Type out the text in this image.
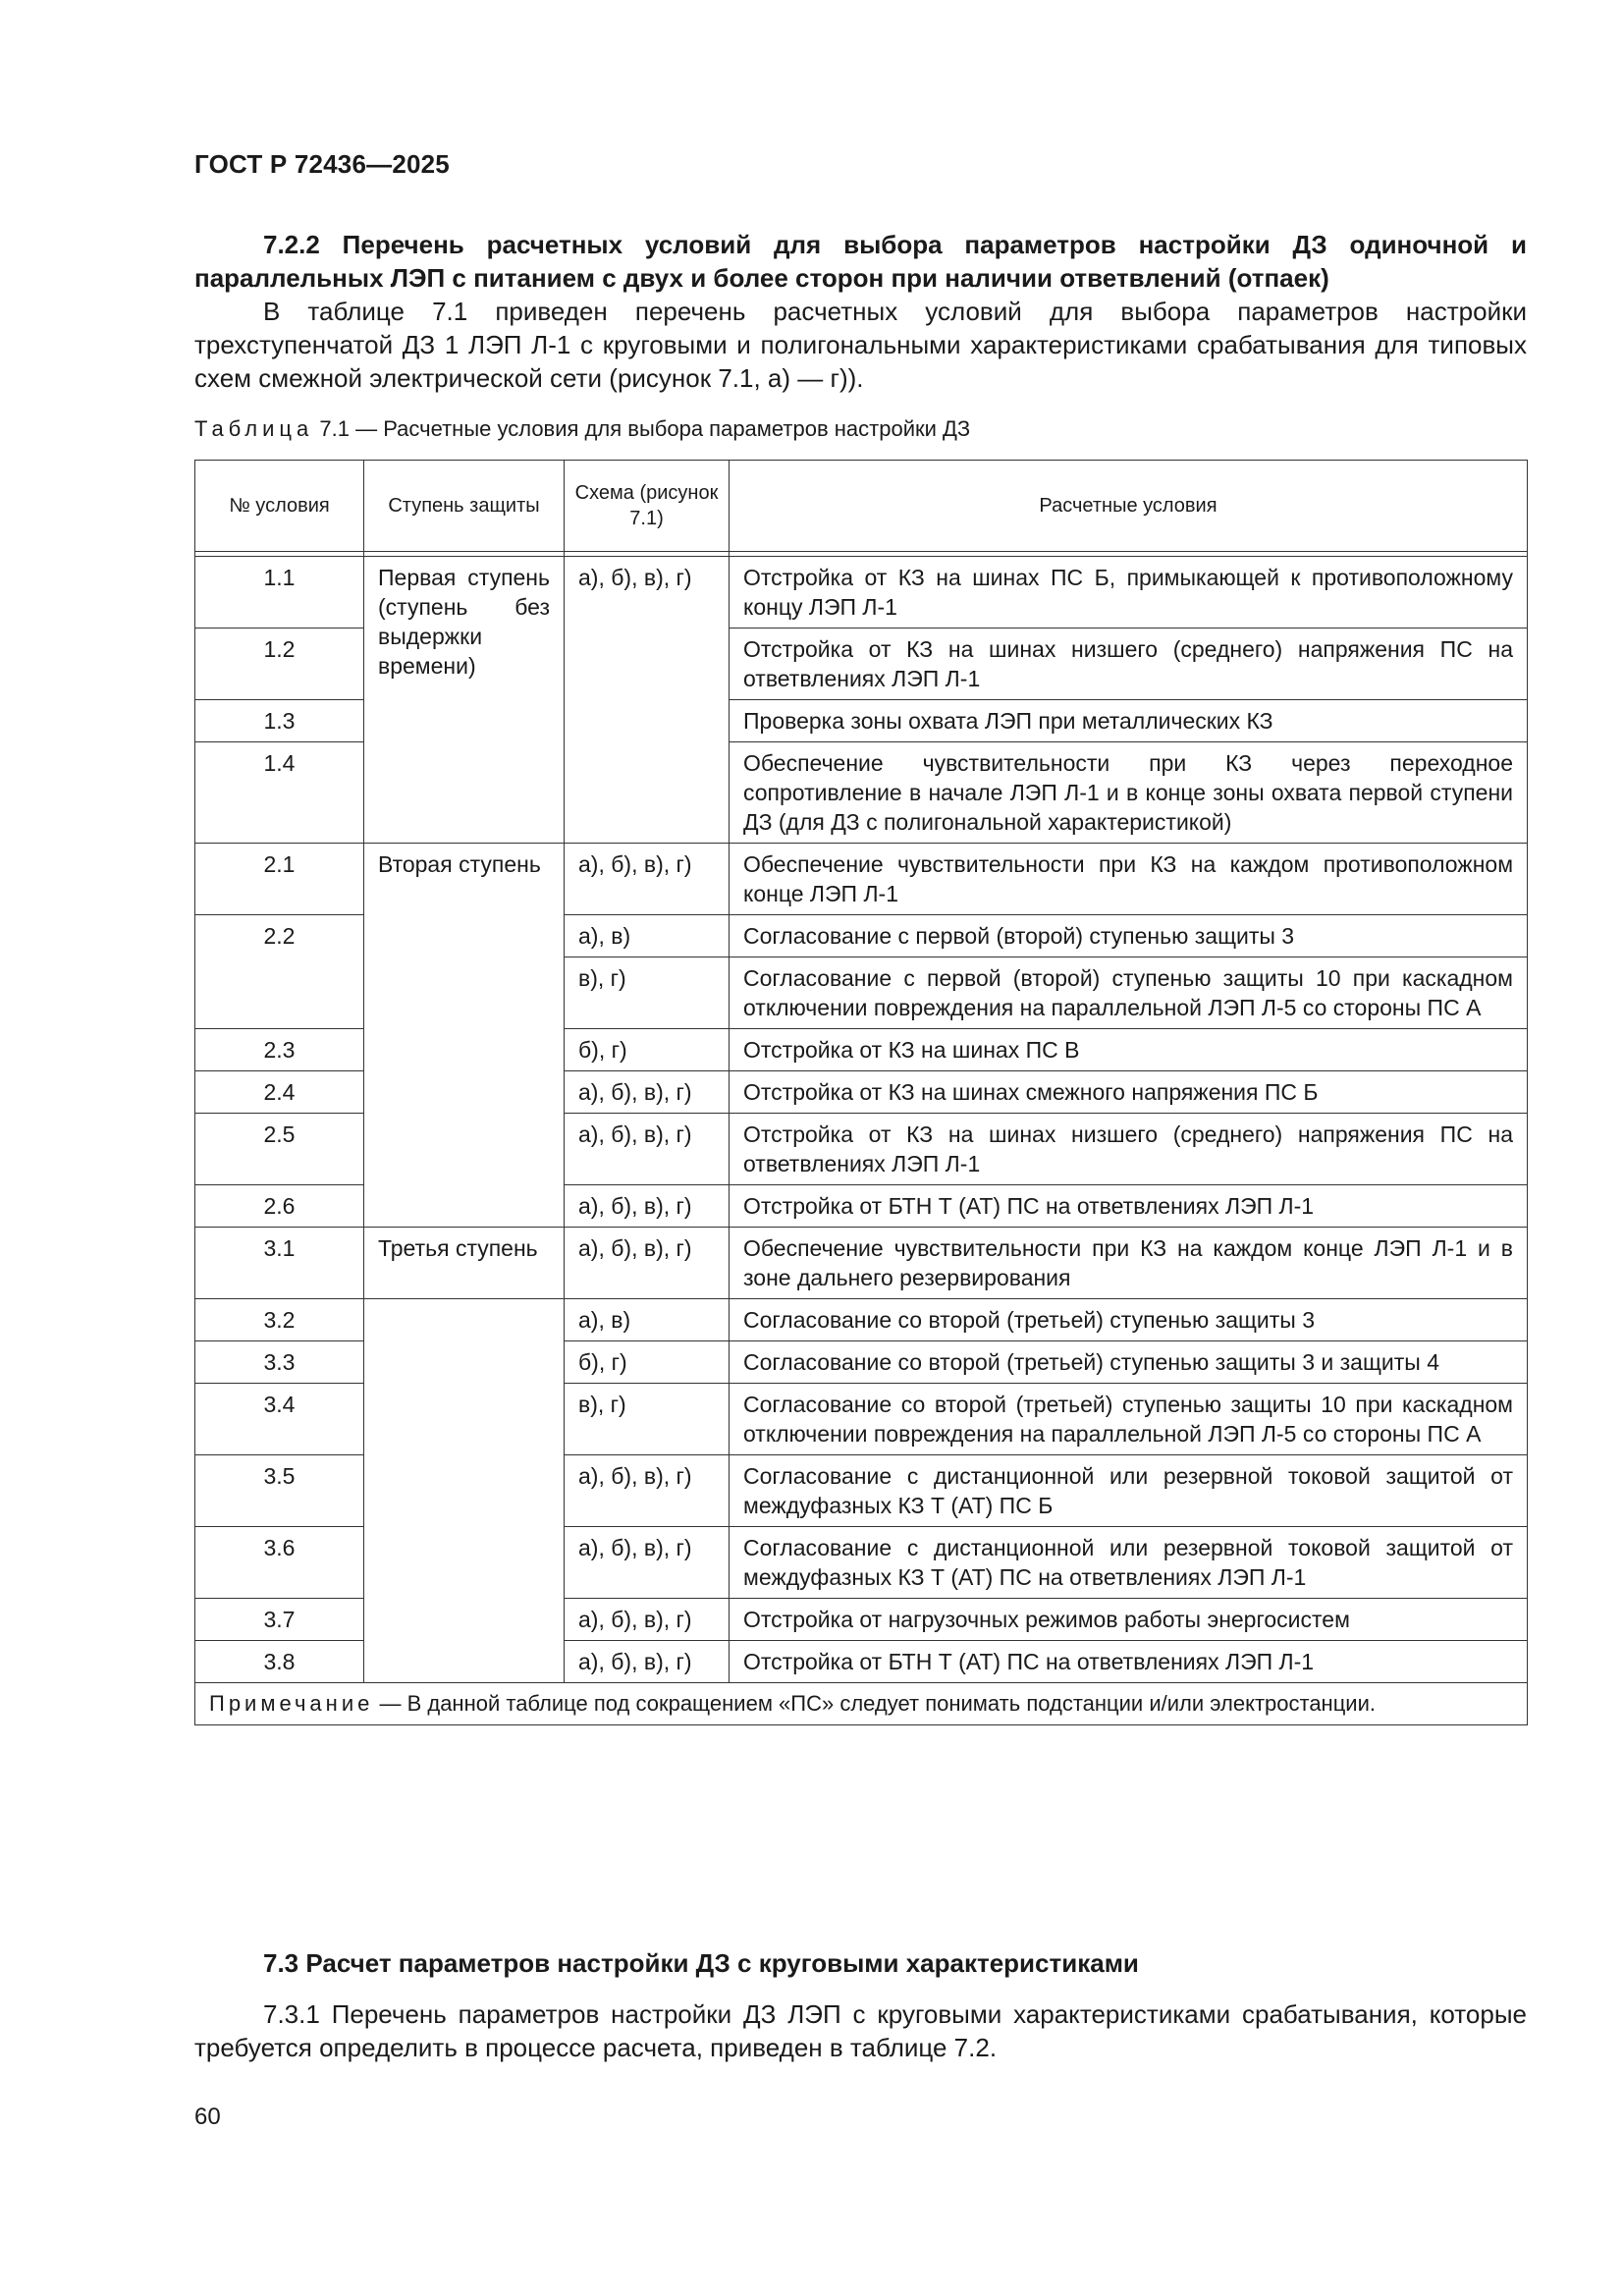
ГОСТ Р 72436—2025
7.2.2 Перечень расчетных условий для выбора параметров настройки ДЗ одиночной и параллельных ЛЭП с питанием с двух и более сторон при наличии ответвлений (отпаек)
В таблице 7.1 приведен перечень расчетных условий для выбора параметров настройки трехступенчатой ДЗ 1 ЛЭП Л-1 с круговыми и полигональными характеристиками срабатывания для типовых схем смежной электрической сети (рисунок 7.1, а) — г)).
Таблица 7.1 — Расчетные условия для выбора параметров настройки ДЗ
№ условия	Ступень защиты	Схема (рисунок 7.1)	Расчетные условия

1.1	Первая ступень (ступень без выдержки времени)	а), б), в), г)	Отстройка от КЗ на шинах ПС Б, примыкающей к противоположному концу ЛЭП Л-1
1.2			Отстройка от КЗ на шинах низшего (среднего) напряжения ПС на ответвлениях ЛЭП Л-1
1.3			Проверка зоны охвата ЛЭП при металлических КЗ
1.4			Обеспечение чувствительности при КЗ через переходное сопротивление в начале ЛЭП Л-1 и в конце зоны охвата первой ступени ДЗ (для ДЗ с полигональной характеристикой)
2.1	Вторая ступень	а), б), в), г)	Обеспечение чувствительности при КЗ на каждом противоположном конце ЛЭП Л-1
2.2		а), в)	Согласование с первой (второй) ступенью защиты 3
		в), г)	Согласование с первой (второй) ступенью защиты 10 при каскадном отключении повреждения на параллельной ЛЭП Л-5 со стороны ПС А
2.3		б), г)	Отстройка от КЗ на шинах ПС В
2.4		а), б), в), г)	Отстройка от КЗ на шинах смежного напряжения ПС Б
2.5		а), б), в), г)	Отстройка от КЗ на шинах низшего (среднего) напряжения ПС на ответвлениях ЛЭП Л-1
2.6		а), б), в), г)	Отстройка от БТН Т (АТ) ПС на ответвлениях ЛЭП Л-1
3.1	Третья ступень	а), б), в), г)	Обеспечение чувствительности при КЗ на каждом конце ЛЭП Л-1 и в зоне дальнего резервирования
3.2		а), в)	Согласование со второй (третьей) ступенью защиты 3
3.3		б), г)	Согласование со второй (третьей) ступенью защиты 3 и защиты 4
3.4		в), г)	Согласование со второй (третьей) ступенью защиты 10 при каскадном отключении повреждения на параллельной ЛЭП Л-5 со стороны ПС А
3.5		а), б), в), г)	Согласование с дистанционной или резервной токовой защитой от междуфазных КЗ Т (АТ) ПС Б
3.6		а), б), в), г)	Согласование с дистанционной или резервной токовой защитой от междуфазных КЗ Т (АТ) ПС на ответвлениях ЛЭП Л-1
3.7		а), б), в), г)	Отстройка от нагрузочных режимов работы энергосистем
3.8		а), б), в), г)	Отстройка от БТН Т (АТ) ПС на ответвлениях ЛЭП Л-1
Примечание — В данной таблице под сокращением «ПС» следует понимать подстанции и/или электростанции.			
7.3 Расчет параметров настройки ДЗ с круговыми характеристиками
7.3.1 Перечень параметров настройки ДЗ ЛЭП с круговыми характеристиками срабатывания, которые требуется определить в процессе расчета, приведен в таблице 7.2.
60
